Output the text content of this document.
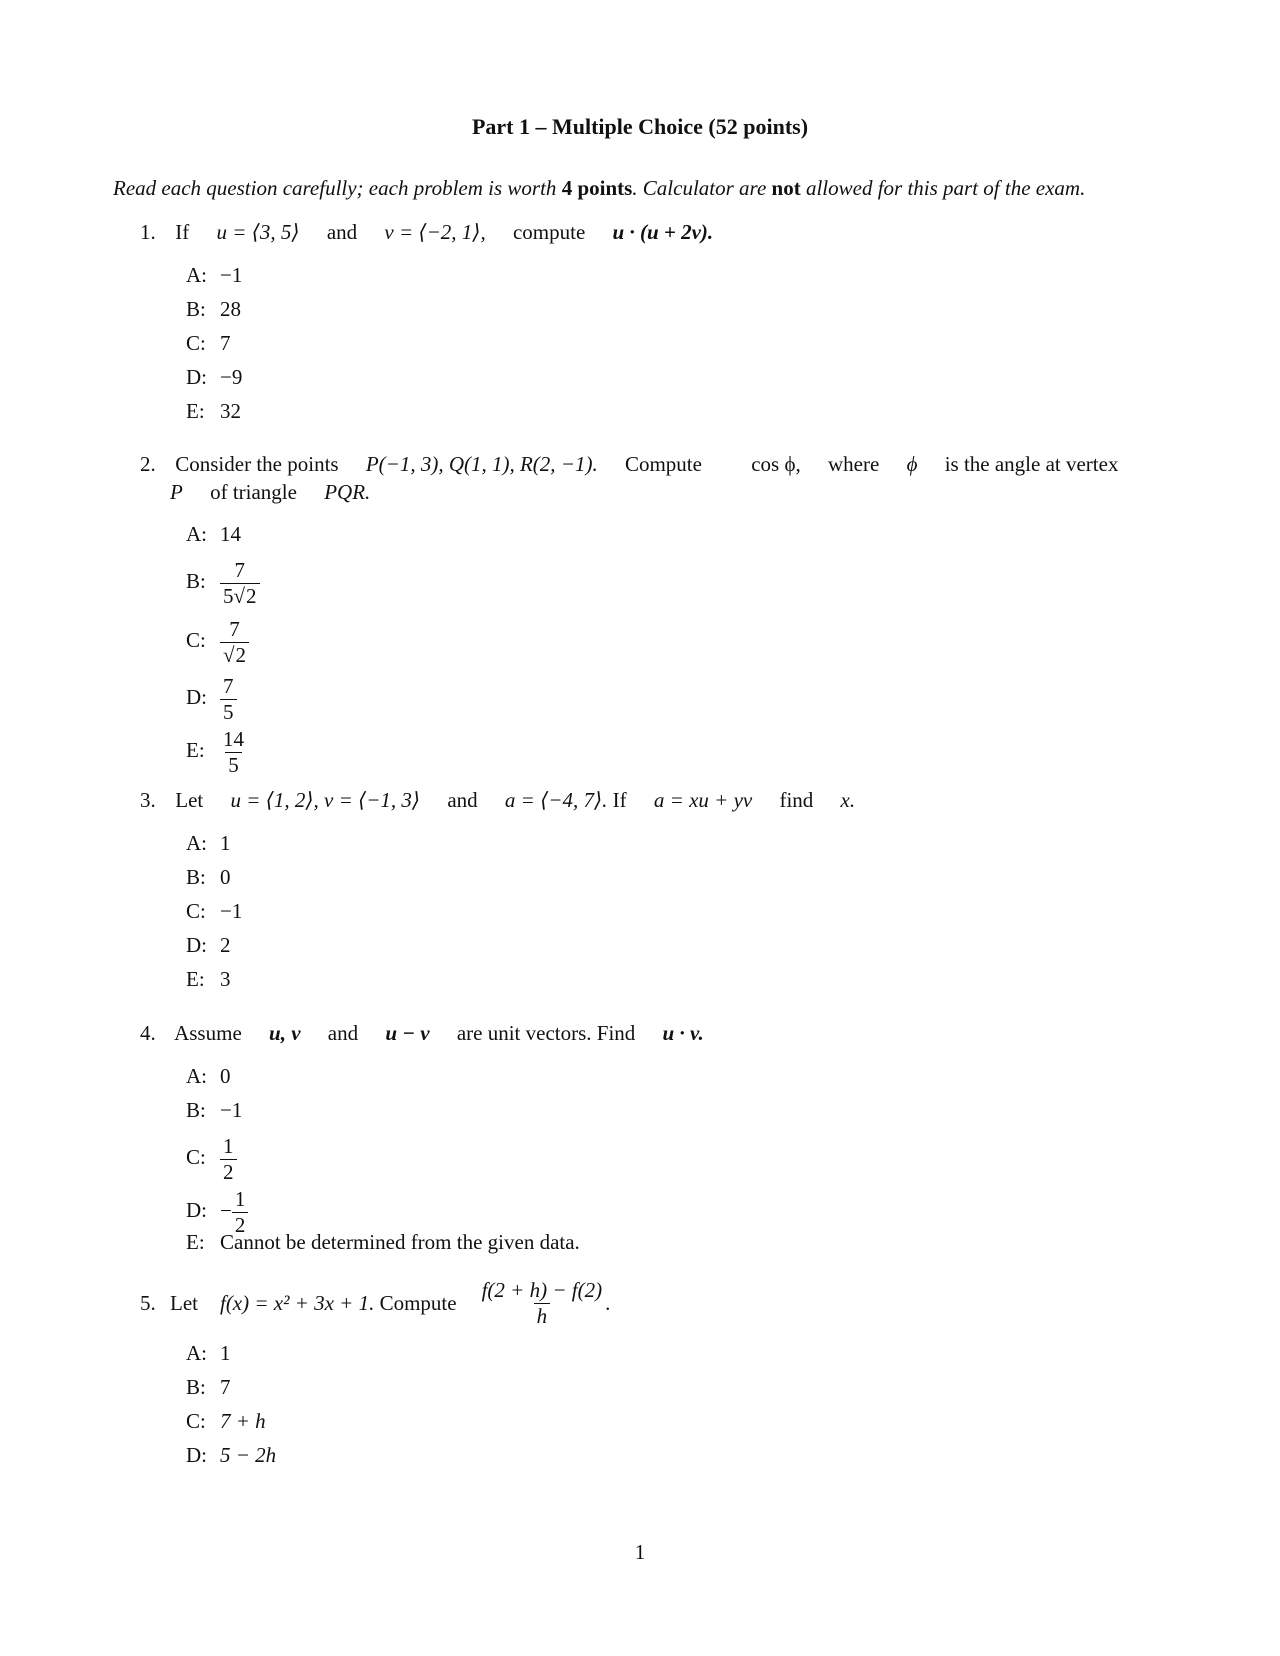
Part 1 – Multiple Choice (52 points)
Read each question carefully; each problem is worth 4 points. Calculator are not allowed for this part of the exam.
1. If u = ⟨3, 5⟩ and v = ⟨−2, 1⟩, compute u · (u + 2v).
A: −1
B: 28
C: 7
D: −9
E: 32
2. Consider the points P(−1, 3), Q(1, 1), R(2, −1). Compute cos ϕ, where ϕ is the angle at vertex
P of triangle PQR.
A: 14
B: $\frac{7}{5√2}$
C: $\frac{7}{√2}$
D: $\frac{7}{5}$
E: $\frac{14}{5}$
3. Let u = ⟨1, 2⟩, v = ⟨−1, 3⟩ and a = ⟨−4, 7⟩. If a = xu + yv find x.
A: 1
B: 0
C: −1
D: 2
E: 3
4. Assume u, v and u − v are unit vectors. Find u · v.
A: 0
B: −1
C: $\frac{1}{2}$
D: − $\frac{1}{2}$
E: Cannot be determined from the given data.
5. Let f(x) = x² + 3x + 1.
Compute $\frac{f(2 + h) - f(2)}{h}$ .
A: 1
B: 7
C: 7 + h
D: 5 − 2h
1
